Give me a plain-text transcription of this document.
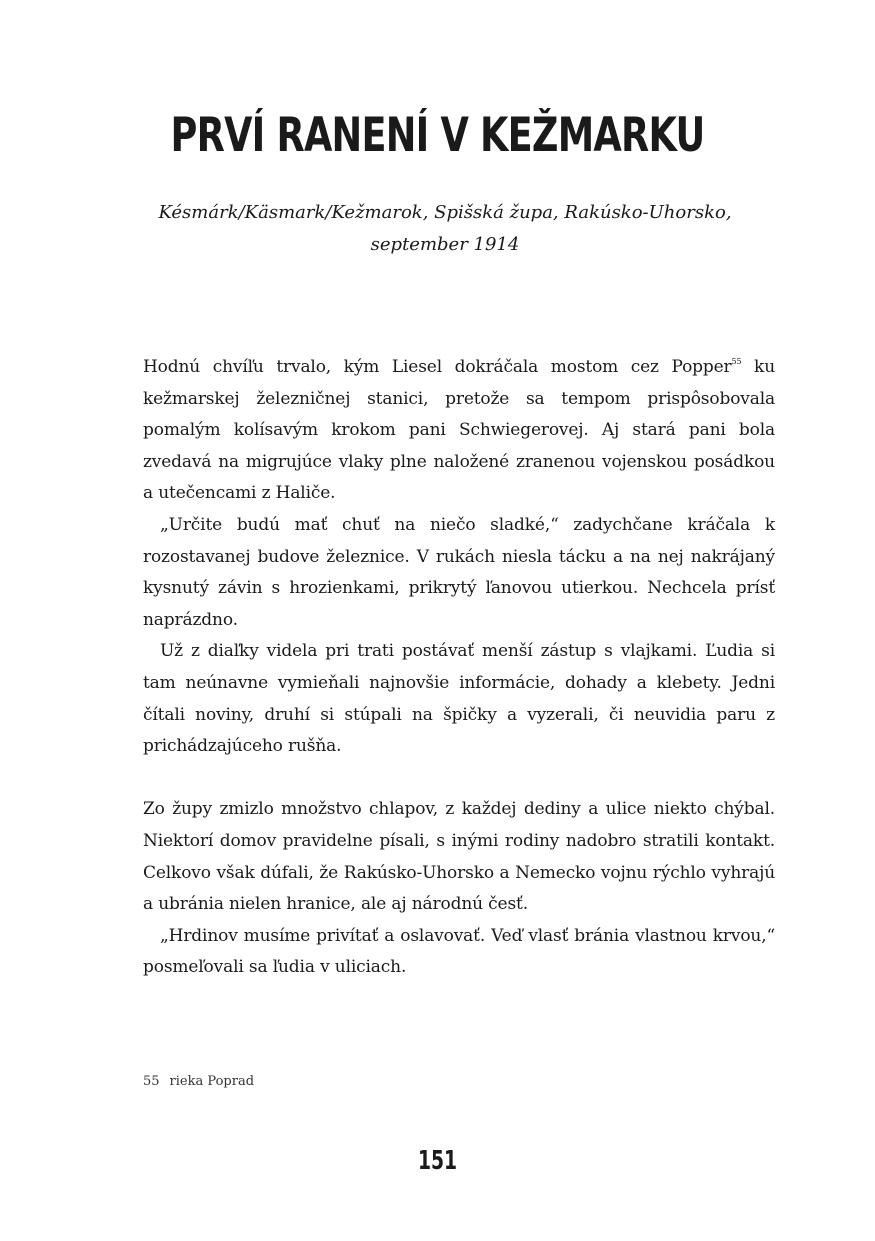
PRVÍ RANENÍ V KEŽMARKU
Késmárk/Käsmark/Kežmarok, Spišská župa, Rakúsko-Uhorsko,
september 1914

Hodnú chvíľu trvalo, kým Liesel dokráčala mostom cez Popper$^{55}$ ku kežmarskej železničnej stanici, pretože sa tempom prispôsobovala pomalým kolísavým krokom pani Schwiegerovej. Aj stará pani bola zvedavá na migrujúce vlaky plne naložené zranenou vojenskou posádkou a utečencami z Haliče.

„Určite budú mať chuť na niečo sladké,“ zadychčane kráčala k rozostavanej budove železnice. V rukách niesla tácku a na nej nakrájaný kysnutý závin s hrozienkami, prikrytý ľanovou utierkou. Nechcela prísť naprázdno.

Už z diaľky videla pri trati postávať menší zástup s vlajkami. Ľudia si tam neúnavne vymieňali najnovšie informácie, dohady a klebety. Jedni čítali noviny, druhí si stúpali na špičky a vyzerali, či neuvidia paru z prichádzajúceho rušňa.

Zo župy zmizlo množstvo chlapov, z každej dediny a ulice niekto chýbal. Niektorí domov pravidelne písali, s inými rodiny nadobro stratili kontakt. Celkovo však dúfali, že Rakúsko-Uhorsko a Nemecko vojnu rýchlo vyhrajú a ubránia nielen hranice, ale aj národnú česť.

„Hrdinov musíme privítať a oslavovať. Veď vlasť bránia vlastnou krvou,“ posmeľovali sa ľudia v uliciach.

55 rieka Poprad
151
